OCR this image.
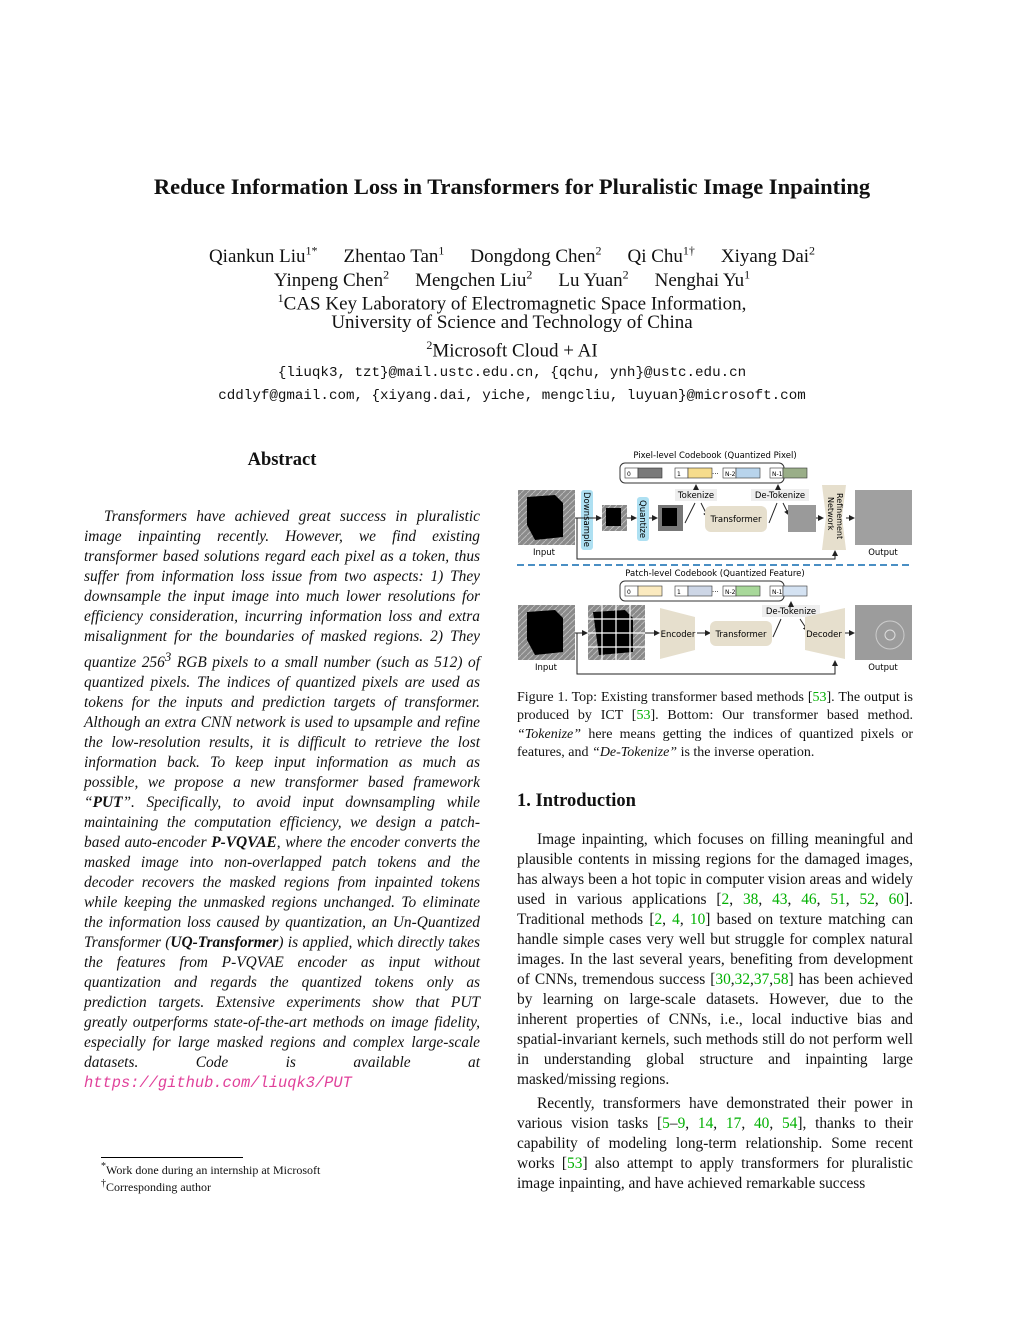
Reduce Information Loss in Transformers for Pluralistic Image Inpainting
Qiankun Liu$^{1*}$ Zhentao Tan$^1$ Dongdong Chen$^2$ Qi Chu$^{1\dagger}$ Xiyang Dai$^2$
Yinpeng Chen$^2$ Mengchen Liu$^2$ Lu Yuan$^2$ Nenghai Yu$^1$
$^1$CAS Key Laboratory of Electromagnetic Space Information,
University of Science and Technology of China
$^2$Microsoft Cloud + AI
{liuqk3, tzt}@mail.ustc.edu.cn, {qchu, ynh}@ustc.edu.cn
cddlyf@gmail.com, {xiyang.dai, yiche, mengcliu, luyuan}@microsoft.com
Abstract

Transformers have achieved great success in pluralistic image inpainting recently. However, we find existing transformer based solutions regard each pixel as a token, thus suffer from information loss issue from two aspects: 1) They downsample the input image into much lower resolutions for efficiency consideration, incurring information loss and extra misalignment for the boundaries of masked regions. 2) They quantize $256^3$ RGB pixels to a small number (such as 512) of quantized pixels. The indices of quantized pixels are used as tokens for the inputs and prediction targets of transformer. Although an extra CNN network is used to upsample and refine the low-resolution results, it is difficult to retrieve the lost information back. To keep input information as much as possible, we propose a new transformer based framework “PUT”. Specifically, to avoid input downsampling while maintaining the computation efficiency, we design a patch-based auto-encoder P-VQVAE, where the encoder converts the masked image into non-overlapped patch tokens and the decoder recovers the masked regions from inpainted tokens while keeping the unmasked regions unchanged. To eliminate the information loss caused by quantization, an Un-Quantized Transformer (UQ-Transformer) is applied, which directly takes the features from P-VQVAE encoder as input without quantization and regards the quantized tokens only as prediction targets. Extensive experiments show that PUT greatly outperforms state-of-the-art methods on image fidelity, especially for large masked regions and complex large-scale datasets. Code is available at https://github.com/liuqk3/PUT

*Work done during an internship at Microsoft
†Corresponding author
Pixel-level Codebook (Quantized Pixel)
0	1	··· N-2	N-1
Input
Downsample	Quantize
Tokenize
Transformer
De-Tokenize	Refinement
Network
Output
Patch-level Codebook (Quantized Feature)
0	1	··· N-2	N-1
Input
Encoder Transformer
De-Tokenize
Decoder
Output
Figure 1. Top: Existing transformer based methods [53]. The output is produced by ICT [53]. Bottom: Our transformer based method. “Tokenize” here means getting the indices of quantized pixels or features, and “De-Tokenize” is the inverse operation.
1. Introduction

Image inpainting, which focuses on filling meaningful and plausible contents in missing regions for the damaged images, has always been a hot topic in computer vision areas and widely used in various applications [2, 38, 43, 46, 51, 52, 60]. Traditional methods [2, 4, 10] based on texture matching can handle simple cases very well but struggle for complex natural images. In the last several years, benefiting from development of CNNs, tremendous success [30,32,37,58] has been achieved by learning on large-scale datasets. However, due to the inherent properties of CNNs, i.e., local inductive bias and spatial-invariant kernels, such methods still do not perform well in understanding global structure and inpainting large masked/missing regions.

Recently, transformers have demonstrated their power in various vision tasks [5–9, 14, 17, 40, 54], thanks to their capability of modeling long-term relationship. Some recent works [53] also attempt to apply transformers for pluralistic image inpainting, and have achieved remarkable success
